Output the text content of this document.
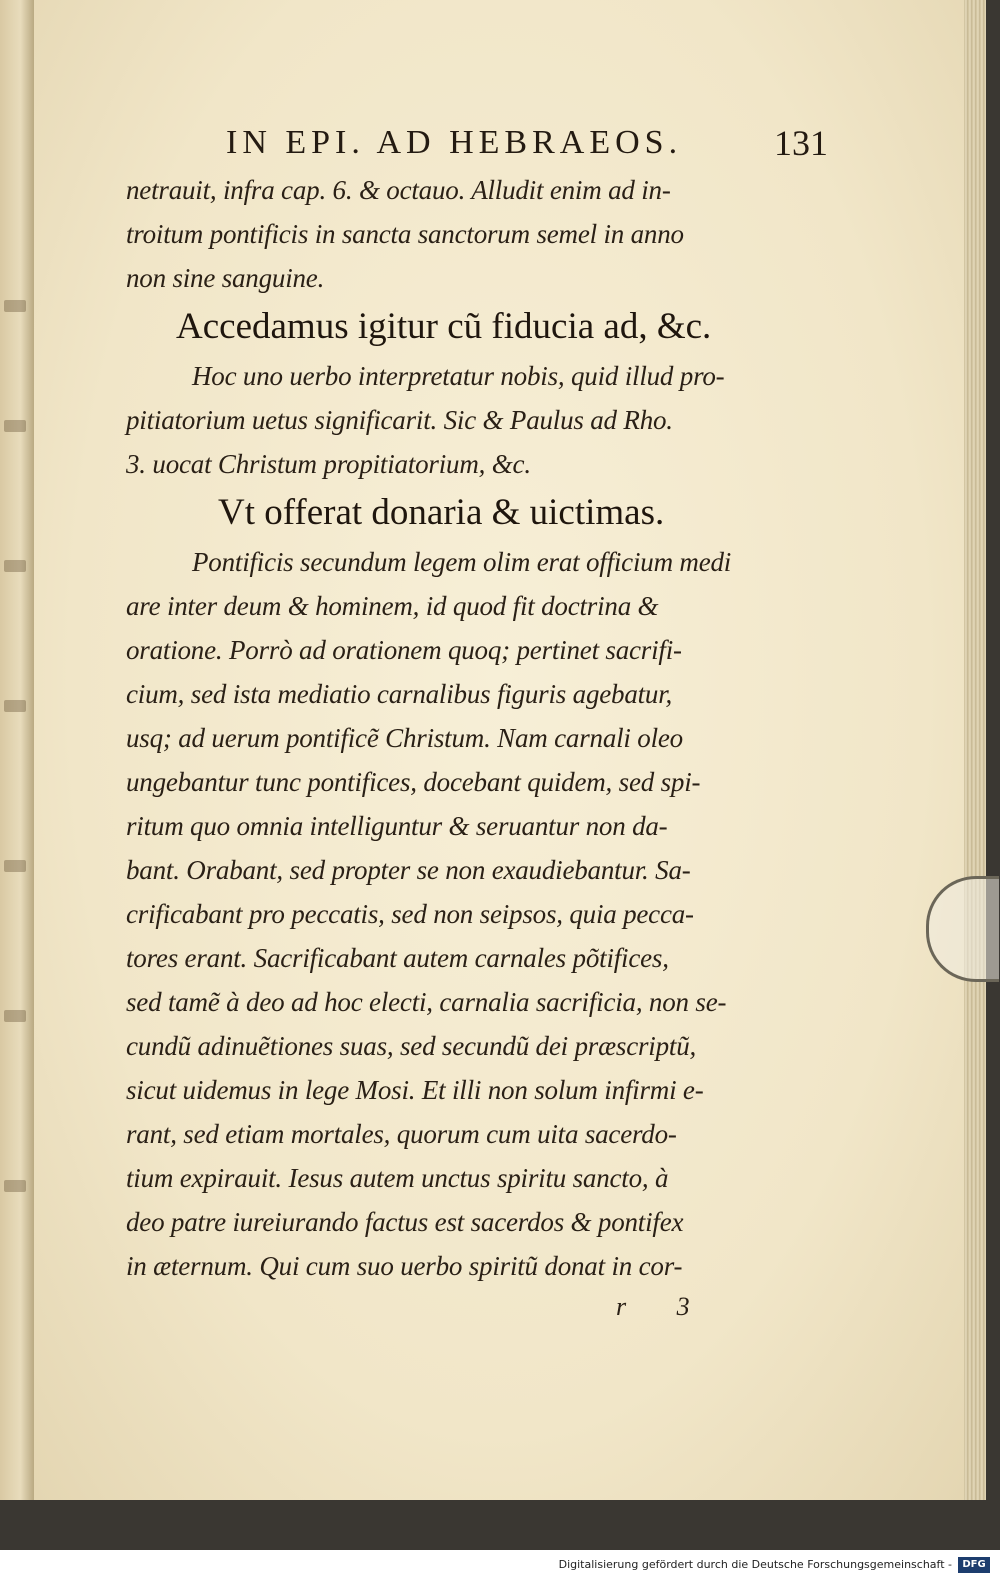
IN EPI. AD HEBRAEOS.	131
netrauit, infra cap. 6. & octauo. Alludit enim ad in-
troitum pontificis in sancta sanctorum semel in anno
non sine sanguine.
Accedamus igitur cũ fiducia ad, &c.
Hoc uno uerbo interpretatur nobis, quid illud pro-
pitiatorium uetus significarit. Sic & Paulus ad Rho.
3. uocat Christum propitiatorium, &c.
Vt offerat donaria & uictimas.
Pontificis secundum legem olim erat officium medi
are inter deum & hominem, id quod fit doctrina &
oratione. Porrò ad orationem quoq; pertinet sacrifi-
cium, sed ista mediatio carnalibus figuris agebatur,
usq; ad uerum pontificẽ Christum. Nam carnali oleo
ungebantur tunc pontifices, docebant quidem, sed spi-
ritum quo omnia intelliguntur & seruantur non da-
bant. Orabant, sed propter se non exaudiebantur. Sa-
crificabant pro peccatis, sed non seipsos, quia pecca-
tores erant. Sacrificabant autem carnales põtifices,
sed tamẽ à deo ad hoc electi, carnalia sacrificia, non se-
cundũ adinuẽtiones suas, sed secundũ dei præscriptũ,
sicut uidemus in lege Mosi. Et illi non solum infirmi e-
rant, sed etiam mortales, quorum cum uita sacerdo-
tium expirauit. Iesus autem unctus spiritu sancto, à
deo patre iureiurando factus est sacerdos & pontifex
in æternum. Qui cum suo uerbo spiritũ donat in cor-
r 3
Digitalisierung gefördert durch die Deutsche Forschungsgemeinschaft -	DFG
